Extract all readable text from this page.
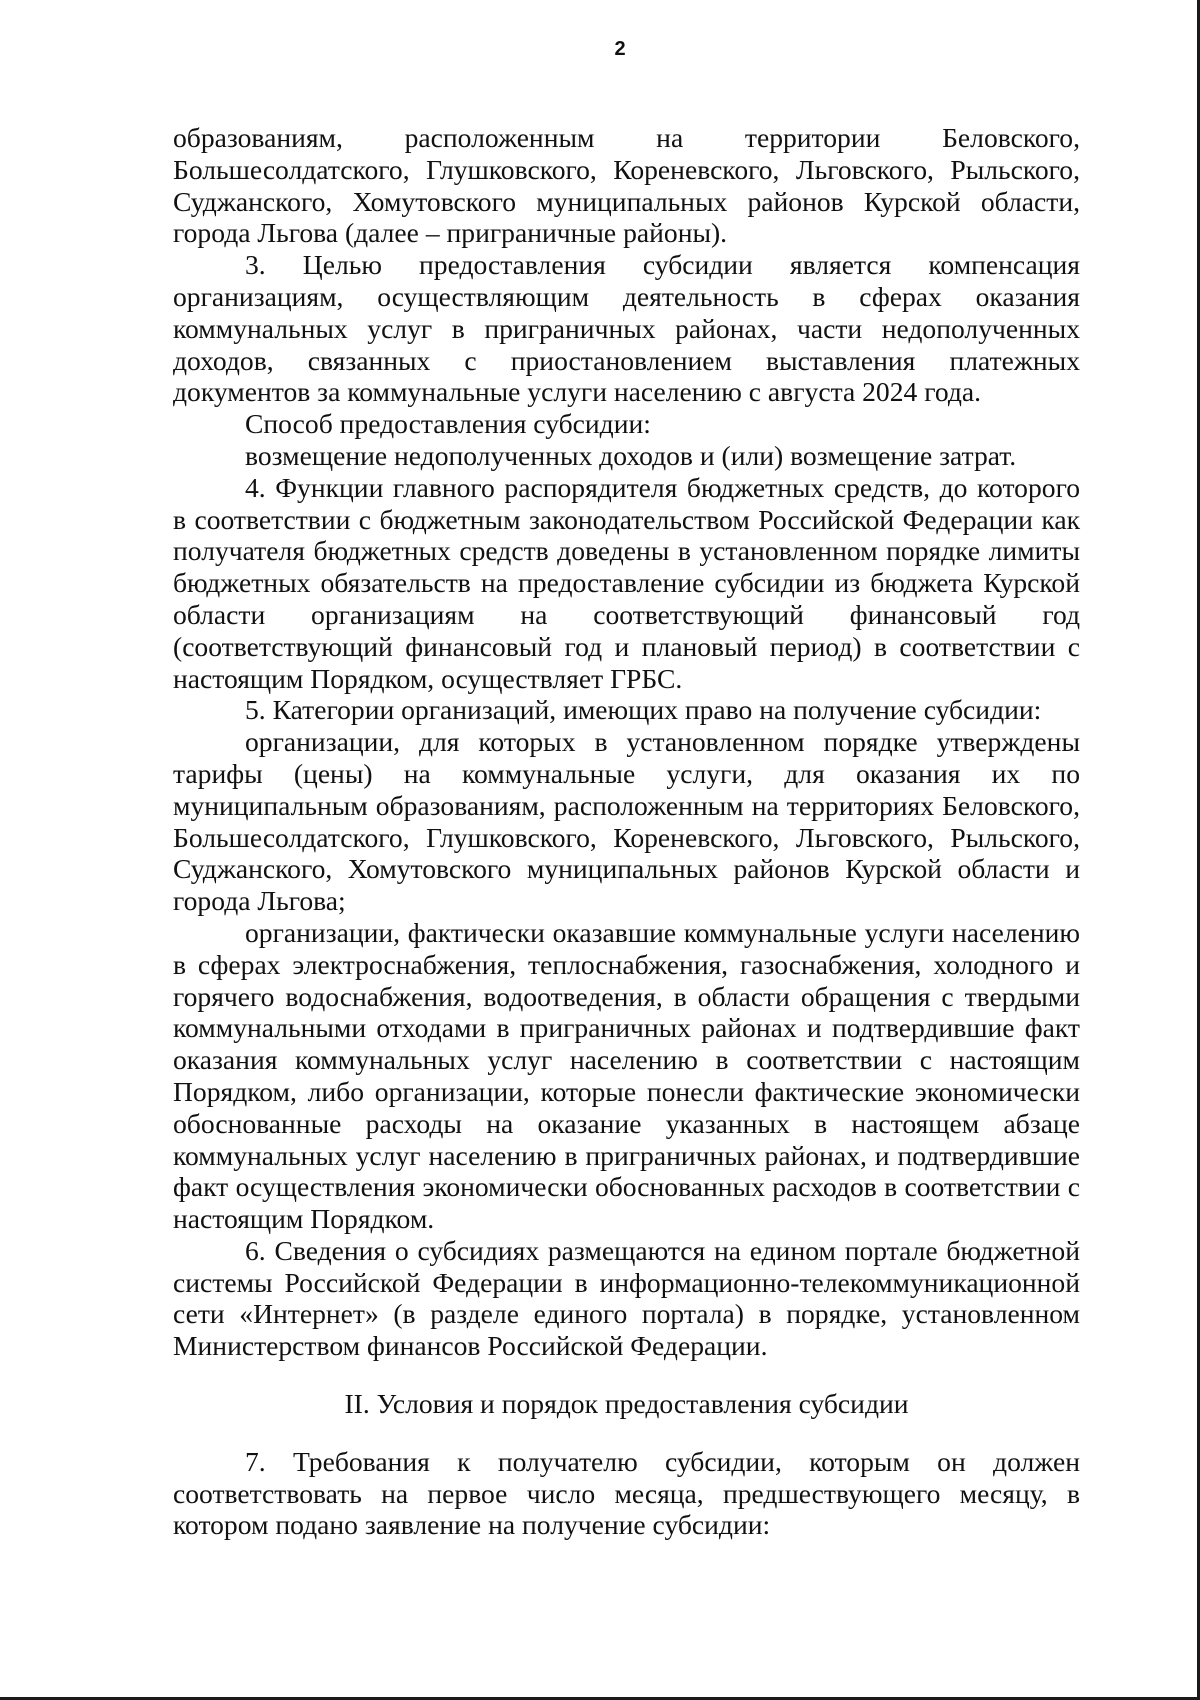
2

образованиям, расположенным на территории Беловского, Большесолдатского, Глушковского, Кореневского, Льговского, Рыльского, Суджанского, Хомутовского муниципальных районов Курской области, города Льгова (далее – приграничные районы).

3. Целью предоставления субсидии является компенсация организациям, осуществляющим деятельность в сферах оказания коммунальных услуг в приграничных районах, части недополученных доходов, связанных с приостановлением выставления платежных документов за коммунальные услуги населению с августа 2024 года.

Способ предоставления субсидии:

возмещение недополученных доходов и (или) возмещение затрат.

4. Функции главного распорядителя бюджетных средств, до которого в соответствии с бюджетным законодательством Российской Федерации как получателя бюджетных средств доведены в установленном порядке лимиты бюджетных обязательств на предоставление субсидии из бюджета Курской области организациям на соответствующий финансовый год (соответствующий финансовый год и плановый период) в соответствии с настоящим Порядком, осуществляет ГРБС.

5. Категории организаций, имеющих право на получение субсидии:

организации, для которых в установленном порядке утверждены тарифы (цены) на коммунальные услуги, для оказания их по муниципальным образованиям, расположенным на территориях Беловского, Большесолдатского, Глушковского, Кореневского, Льговского, Рыльского, Суджанского, Хомутовского муниципальных районов Курской области и города Льгова;

организации, фактически оказавшие коммунальные услуги населению в сферах электроснабжения, теплоснабжения, газоснабжения, холодного и горячего водоснабжения, водоотведения, в области обращения с твердыми коммунальными отходами в приграничных районах и подтвердившие факт оказания коммунальных услуг населению в соответствии с настоящим Порядком, либо организации, которые понесли фактические экономически обоснованные расходы на оказание указанных в настоящем абзаце коммунальных услуг населению в приграничных районах, и подтвердившие факт осуществления экономически обоснованных расходов в соответствии с настоящим Порядком.

6. Сведения о субсидиях размещаются на едином портале бюджетной системы Российской Федерации в информационно-телекоммуникационной сети «Интернет» (в разделе единого портала) в порядке, установленном Министерством финансов Российской Федерации.

II. Условия и порядок предоставления субсидии

7. Требования к получателю субсидии, которым он должен соответствовать на первое число месяца, предшествующего месяцу, в котором подано заявление на получение субсидии:
